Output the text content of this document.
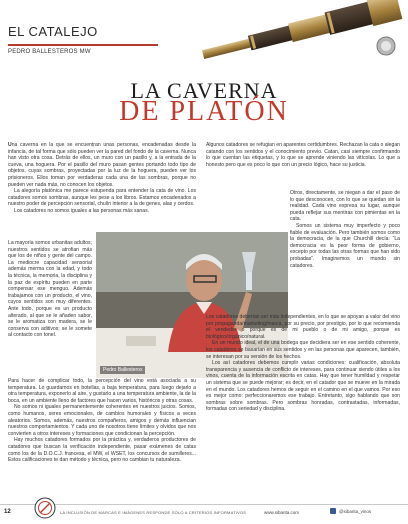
EL CATALEJO
PEDRO BALLESTEROS MW
LA CAVERNA
DE PLATÓN

Una caverna en la que se encuentran unas personas, encadenadas desde la infancia, de tal forma que sólo pueden ver la pared del fondo de la caverna. Nunca han visto otra cosa. Detrás de ellos, un muro con un pasillo y, a la entrada de la cueva, una hoguera. Por el pasillo del muro pasan gentes portando todo tipo de objetos, cuyas sombras, proyectadas por la luz de la hoguera, pueden ver los prisioneros. Ellos toman por verdaderas cada una de las sombras, porque no pueden ver nada más, no conocen los objetos.

La alegoría platónica me parece estupenda para entender la cata de vino. Los catadores somos sombras, aunque les pese a los libros. Estamos encadenados a nuestro poder de percepción sensorial, chulín interior a la de genes, alas y cerdos.

Los catadores no somos iguales a las personas más sanas.

La mayoría somos urbanitas adultos; nuestros sentidos se atrofian más que los de niños y gente del campo. La mediocre capacidad sensorial además merma con la edad, y todo la técnica, la memoria, la disciplina y la paz de espíritu pueden en parte compensar ese menguo. Además trabajamos con un producto, el vino, cuyos sentidos son muy diferentes. Ante todo, porque es un producto alterado, al que se le añaden sabor, se le aromatiza con madera, se le conserva con aditivos; se le somete al contacto con tonel.

Pedro Ballesteros

Para hacer de complicar todo, la percepción del vino está asociada a su temperatura. Lo guardamos en botellas, a baja temperatura, para luego dejarlo a otra temperatura, exponerlo al aire, y gustarlo a una temperatura ambiente, la de la boca, en un ambiente lleno de factores que hacen varios, históricos y otras cosas.

No somos ni iguales permanentemente coherentes en nuestros juicios. Somos, como humanos, seres emocionales, de cambios humorales y físicos a veces aleatorios. Somos, además, nuestros compañeros, amigos y demás influencian nuestros comportamientos. Y cada uno de nosotros tiene límites y olvidos que nos convierten a otros intereses y formaciones que condicionan la percepción.

Hay muchos catadores formados por la práctica y, verdaderos productores de catadores que buscan la verificación independiente, pasar exámenes de catas como los de la D.O.C.J. francesa, el MW, el WSET, los concursos de sumilleres... Estos calificaciones te dan método y técnica, pero no cambian tu naturaleza.

Algunos catadores se refugian en aparentes certidumbres. Rechazan la cata o alegan catando con los sentidos y el conocimiento previo. Catan, casi siempre confirmando lo que cuentan las etiquetas, y lo que se aprende viniendo las vitícolas. Lo que a honesto pero que es poco lo que con un precio lógico, hace su justicia.

Otros, directamente, se niegan a dar el paso de lo que desconocen, con lo que se quedan sin la realidad. Cada vino expresa su lugar, aunque pueda reflejar sus mentiras con pimientas en la cata.

Somos un sistema muy imperfecto y poco fiable de evaluación. Pero también somos como la democracia, de la que Churchill decía: “La democracia es la peor forma de gobierno, excepto por todas las otras formas que han sido probadas”. Imaginemos un mundo sin catadores.

Los catadores deberían ser más independientes, en lo que se apoyan a valor del vino por propaganda/marketing/marca, por su precio, por prestigio, por lo que recomienda el vendedor o porque es de mi pueblo o de mi amigo, porque es biológico/orgánico/natural.

En un mundo ideal, el de una bodega que decidiera ser en ese sentido coherente, los catadores se basarían en sus sentidos y en las personas que aparecen, también, se interesan por su versión de los hechos.

Los así catadores debemos cumplir varias condiciones: cualificación, absoluta transparencia y ausencia de conflicto de intereses, para continuar siendo útiles a los vinos, cuenta de la información escrita en catas. Hay que tener humildad y respetar un sistema que se puede mejorar; es decir, en el catador que se mueve en la mirada en el mundo. Los catadores hemos de seguir en el camino en el que vamos. Por eso es mejor como: perfeccionaremos ese trabajo. Entretanto, sigo hablando que son sombras sobre sombras. Pero sombras honradas, contrastadas, informadas, formadas con seriedad y disciplina.

12	LA INCLUSIÓN DE MARCAS E IMÁGENES RESPONDE SÓLO A CRITERIOS INFORMATIVOS	www.sibarita.com	@sibarita_vinos
